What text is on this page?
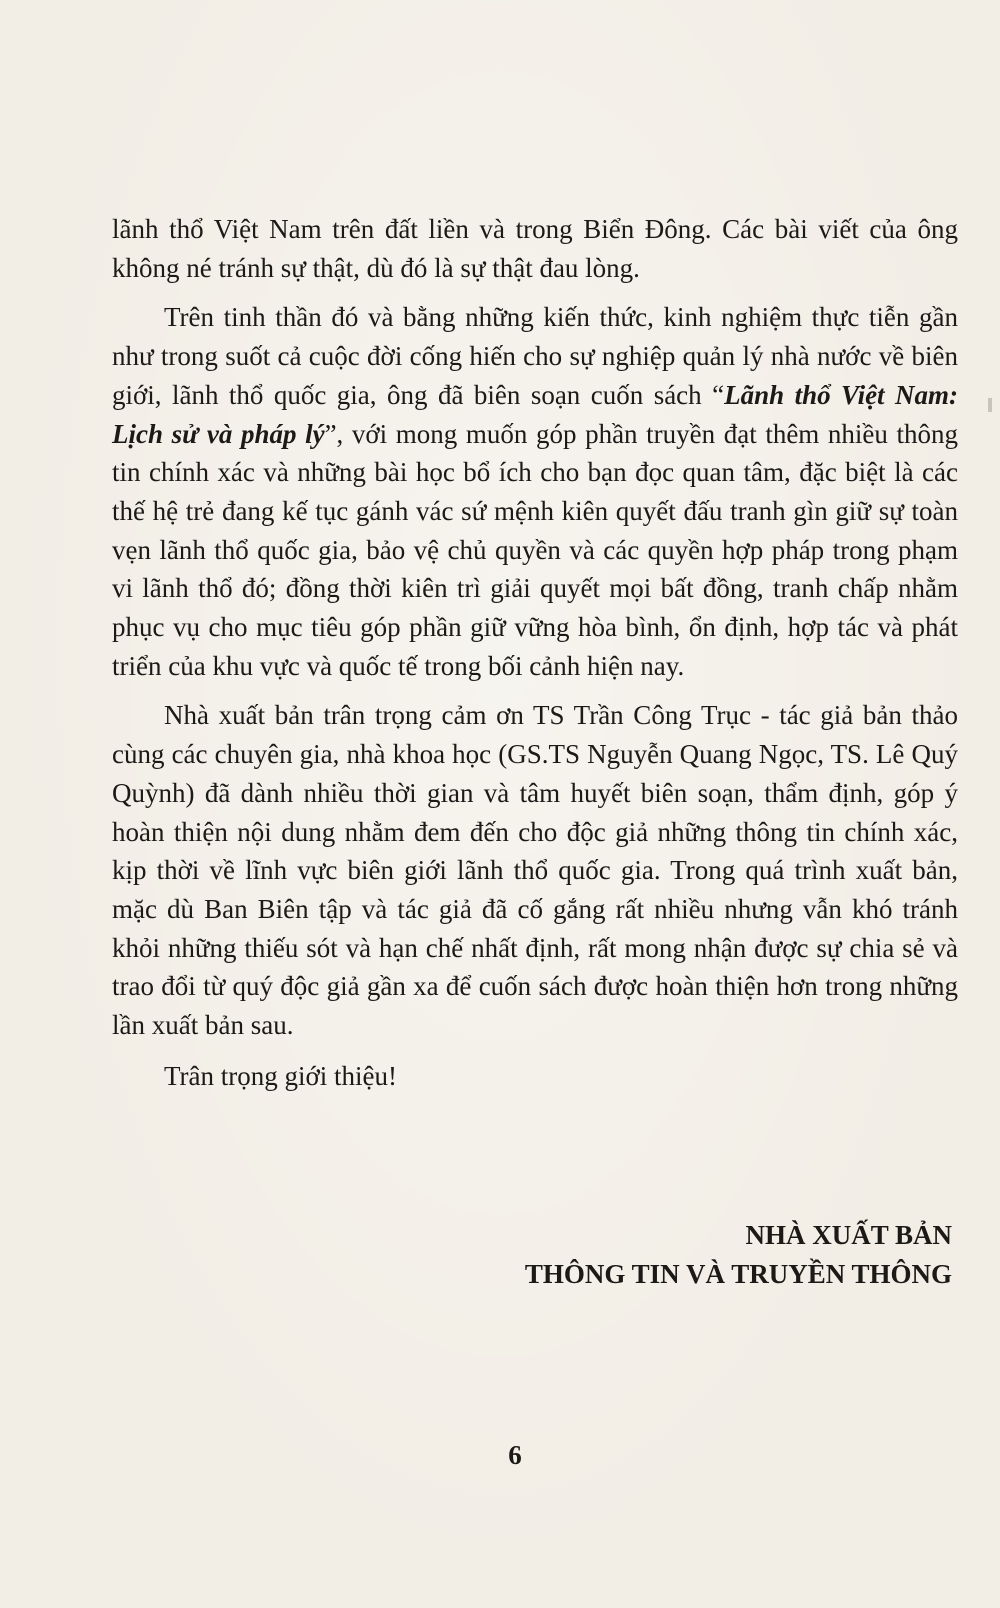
lãnh thổ Việt Nam trên đất liền và trong Biển Đông. Các bài viết của ông không né tránh sự thật, dù đó là sự thật đau lòng.

Trên tinh thần đó và bằng những kiến thức, kinh nghiệm thực tiễn gần như trong suốt cả cuộc đời cống hiến cho sự nghiệp quản lý nhà nước về biên giới, lãnh thổ quốc gia, ông đã biên soạn cuốn sách “Lãnh thổ Việt Nam: Lịch sử và pháp lý”, với mong muốn góp phần truyền đạt thêm nhiều thông tin chính xác và những bài học bổ ích cho bạn đọc quan tâm, đặc biệt là các thế hệ trẻ đang kế tục gánh vác sứ mệnh kiên quyết đấu tranh gìn giữ sự toàn vẹn lãnh thổ quốc gia, bảo vệ chủ quyền và các quyền hợp pháp trong phạm vi lãnh thổ đó; đồng thời kiên trì giải quyết mọi bất đồng, tranh chấp nhằm phục vụ cho mục tiêu góp phần giữ vững hòa bình, ổn định, hợp tác và phát triển của khu vực và quốc tế trong bối cảnh hiện nay.

Nhà xuất bản trân trọng cảm ơn TS Trần Công Trục - tác giả bản thảo cùng các chuyên gia, nhà khoa học (GS.TS Nguyễn Quang Ngọc, TS. Lê Quý Quỳnh) đã dành nhiều thời gian và tâm huyết biên soạn, thẩm định, góp ý hoàn thiện nội dung nhằm đem đến cho độc giả những thông tin chính xác, kịp thời về lĩnh vực biên giới lãnh thổ quốc gia. Trong quá trình xuất bản, mặc dù Ban Biên tập và tác giả đã cố gắng rất nhiều nhưng vẫn khó tránh khỏi những thiếu sót và hạn chế nhất định, rất mong nhận được sự chia sẻ và trao đổi từ quý độc giả gần xa để cuốn sách được hoàn thiện hơn trong những lần xuất bản sau.

Trân trọng giới thiệu!

NHÀ XUẤT BẢN
THÔNG TIN VÀ TRUYỀN THÔNG
6
